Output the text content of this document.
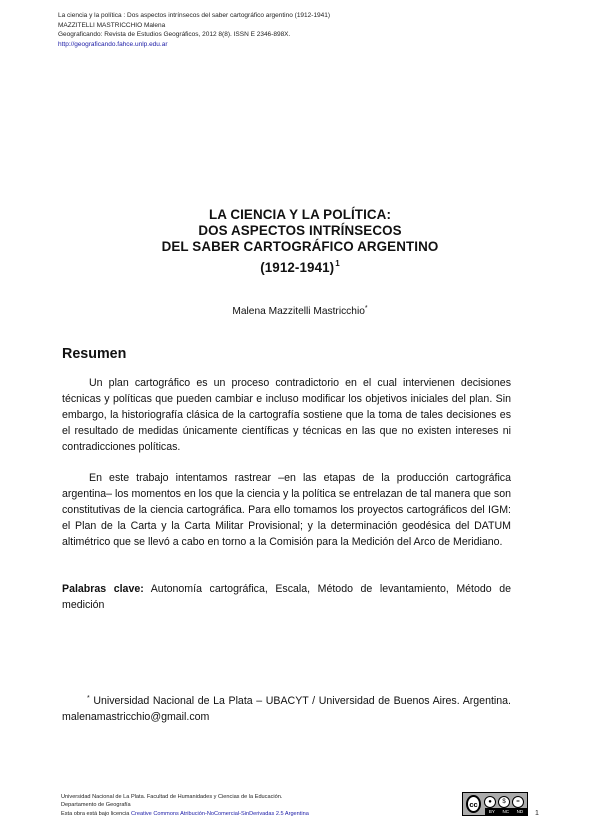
La ciencia y la política : Dos aspectos intrínsecos del saber cartográfico argentino (1912-1941)
MAZZITELLI MASTRICCHIO Malena
Geograficando: Revista de Estudios Geográficos, 2012 8(8). ISSN E 2346-898X.
http://geograficando.fahce.unlp.edu.ar
LA CIENCIA Y LA POLÍTICA:
DOS ASPECTOS INTRÍNSECOS
DEL SABER CARTOGRÁFICO ARGENTINO
(1912-1941)$^1$
Malena Mazzitelli Mastricchio*
Resumen
Un plan cartográfico es un proceso contradictorio en el cual intervienen decisiones técnicas y políticas que pueden cambiar e incluso modificar los objetivos iniciales del plan. Sin embargo, la historiografía clásica de la cartografía sostiene que la toma de tales decisiones es el resultado de medidas únicamente científicas y técnicas en las que no existen intereses ni contradicciones políticas.
En este trabajo intentamos rastrear –en las etapas de la producción cartográfica argentina– los momentos en los que la ciencia y la política se entrelazan de tal manera que son constitutivas de la ciencia cartográfica. Para ello tomamos los proyectos cartográficos del IGM: el Plan de la Carta y la Carta Militar Provisional; y la determinación geodésica del DATUM altimétrico que se llevó a cabo en torno a la Comisión para la Medición del Arco de Meridiano.
Palabras clave: Autonomía cartográfica, Escala, Método de levantamiento, Método de medición
* Universidad Nacional de La Plata – UBACYT / Universidad de Buenos Aires. Argentina. malenamastricchio@gmail.com
Universidad Nacional de La Plata. Facultad de Humanidades y Ciencias de la Educación.
Departamento de Geografía
Esta obra está bajo licencia Creative Commons Atribución-NoComercial-SinDerivadas 2.5 Argentina
cc	●	$	=
BY NC ND 1
